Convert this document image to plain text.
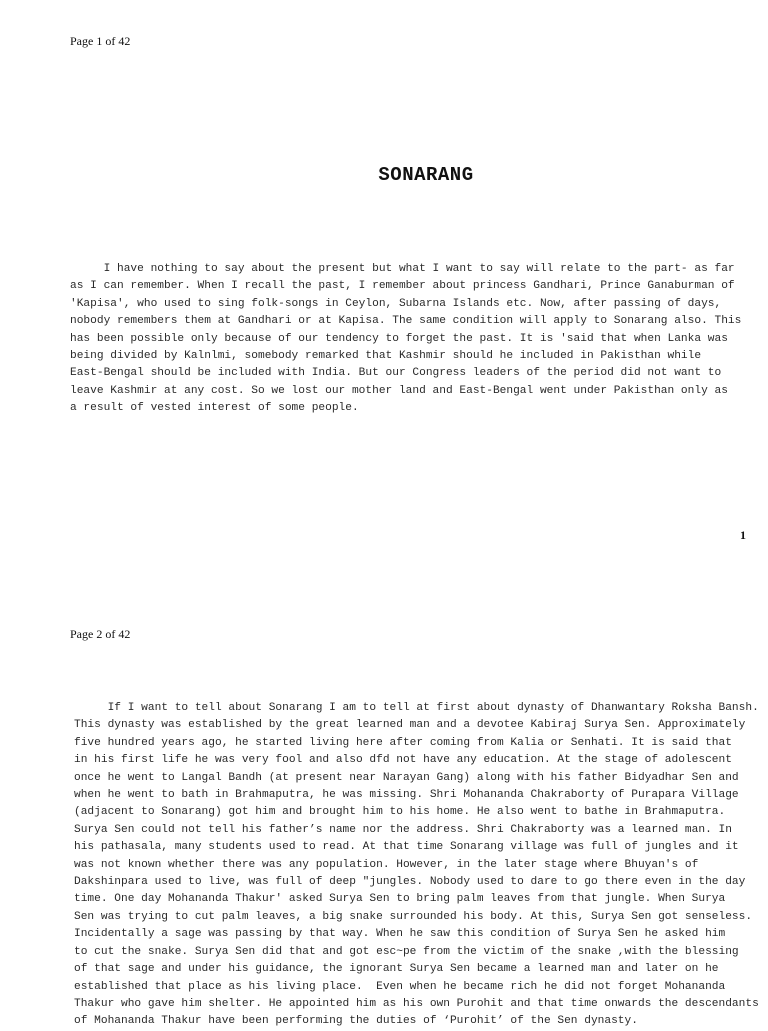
Page 1 of 42
SONARANG

I have nothing to say about the present but what I want to say will relate to the part- as far
as I can remember. When I recall the past, I remember about princess Gandhari, Prince Ganaburman of
'Kapisa', who used to sing folk-songs in Ceylon, Subarna Islands etc. Now, after passing of days,
nobody remembers them at Gandhari or at Kapisa. The same condition will apply to Sonarang also. This
has been possible only because of our tendency to forget the past. It is 'said that when Lanka was
being divided by Kalnlmi, somebody remarked that Kashmir should he included in Pakisthan while
East-Bengal should be included with India. But our Congress leaders of the period did not want to
leave Kashmir at any cost. So we lost our mother land and East-Bengal went under Pakisthan only as
a result of vested interest of some people.

1
Page 2 of 42

If I want to tell about Sonarang I am to tell at first about dynasty of Dhanwantary Roksha Bansh.
This dynasty was established by the great learned man and a devotee Kabiraj Surya Sen. Approximately
five hundred years ago, he started living here after coming from Kalia or Senhati. It is said that
in his first life he was very fool and also dfd not have any education. At the stage of adolescent
once he went to Langal Bandh (at present near Narayan Gang) along with his father Bidyadhar Sen and
when he went to bath in Brahmaputra, he was missing. Shri Mohananda Chakraborty of Purapara Village
(adjacent to Sonarang) got him and brought him to his home. He also went to bathe in Brahmaputra.
Surya Sen could not tell his father’s name nor the address. Shri Chakraborty was a learned man. In
his pathasala, many students used to read. At that time Sonarang village was full of jungles and it
was not known whether there was any population. However, in the later stage where Bhuyan's of
Dakshinpara used to live, was full of deep "jungles. Nobody used to dare to go there even in the day
time. One day Mohananda Thakur' asked Surya Sen to bring palm leaves from that jungle. When Surya
Sen was trying to cut palm leaves, a big snake surrounded his body. At this, Surya Sen got senseless.
Incidentally a sage was passing by that way. When he saw this condition of Surya Sen he asked him
to cut the snake. Surya Sen did that and got esc~pe from the victim of the snake ,with the blessing
of that sage and under his guidance, the ignorant Surya Sen became a learned man and later on he
established that place as his living place.  Even when he became rich he did not forget Mohananda
Thakur who gave him shelter. He appointed him as his own Purohit and that time onwards the descendants
of Mohananda Thakur have been performing the duties of ‘Purohit’ of the Sen dynasty.
